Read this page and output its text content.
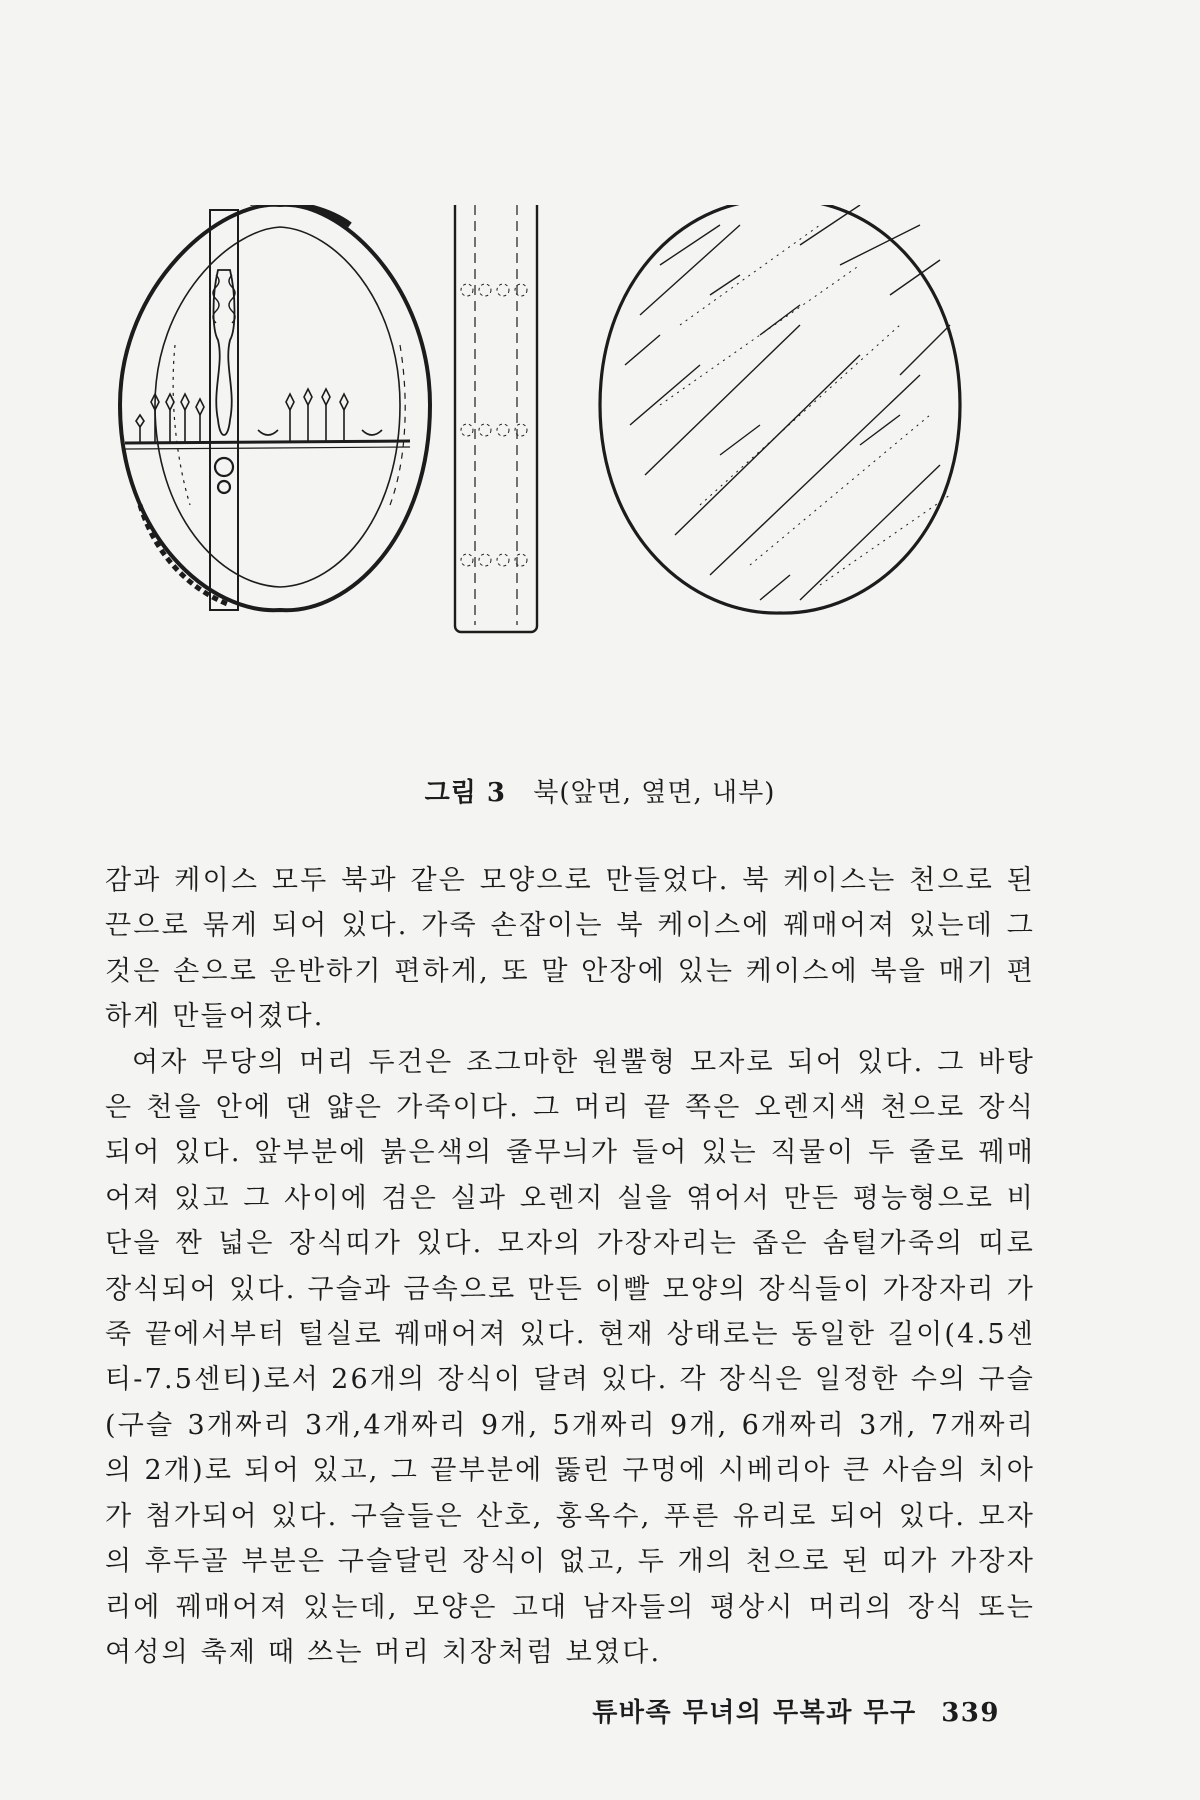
그림 3 북(앞면, 옆면, 내부)

감과 케이스 모두 북과 같은 모양으로 만들었다. 북 케이스는 천으로 된 끈으로 묶게 되어 있다. 가죽 손잡이는 북 케이스에 꿰매어져 있는데 그것은 손으로 운반하기 편하게, 또 말 안장에 있는 케이스에 북을 매기 편하게 만들어졌다.

여자 무당의 머리 두건은 조그마한 원뿔형 모자로 되어 있다. 그 바탕은 천을 안에 댄 얇은 가죽이다. 그 머리 끝 쪽은 오렌지색 천으로 장식되어 있다. 앞부분에 붉은색의 줄무늬가 들어 있는 직물이 두 줄로 꿰매어져 있고 그 사이에 검은 실과 오렌지 실을 엮어서 만든 평능형으로 비단을 짠 넓은 장식띠가 있다. 모자의 가장자리는 좁은 솜털가죽의 띠로 장식되어 있다. 구슬과 금속으로 만든 이빨 모양의 장식들이 가장자리 가죽 끝에서부터 털실로 꿰매어져 있다. 현재 상태로는 동일한 길이(4.5센티-7.5센티)로서 26개의 장식이 달려 있다. 각 장식은 일정한 수의 구슬(구슬 3개짜리 3개,4개짜리 9개, 5개짜리 9개, 6개짜리 3개, 7개짜리의 2개)로 되어 있고, 그 끝부분에 뚫린 구멍에 시베리아 큰 사슴의 치아가 첨가되어 있다. 구슬들은 산호, 홍옥수, 푸른 유리로 되어 있다. 모자의 후두골 부분은 구슬달린 장식이 없고, 두 개의 천으로 된 띠가 가장자리에 꿰매어져 있는데, 모양은 고대 남자들의 평상시 머리의 장식 또는 여성의 축제 때 쓰는 머리 치장처럼 보였다.

튜바족 무녀의 무복과 무구 339
